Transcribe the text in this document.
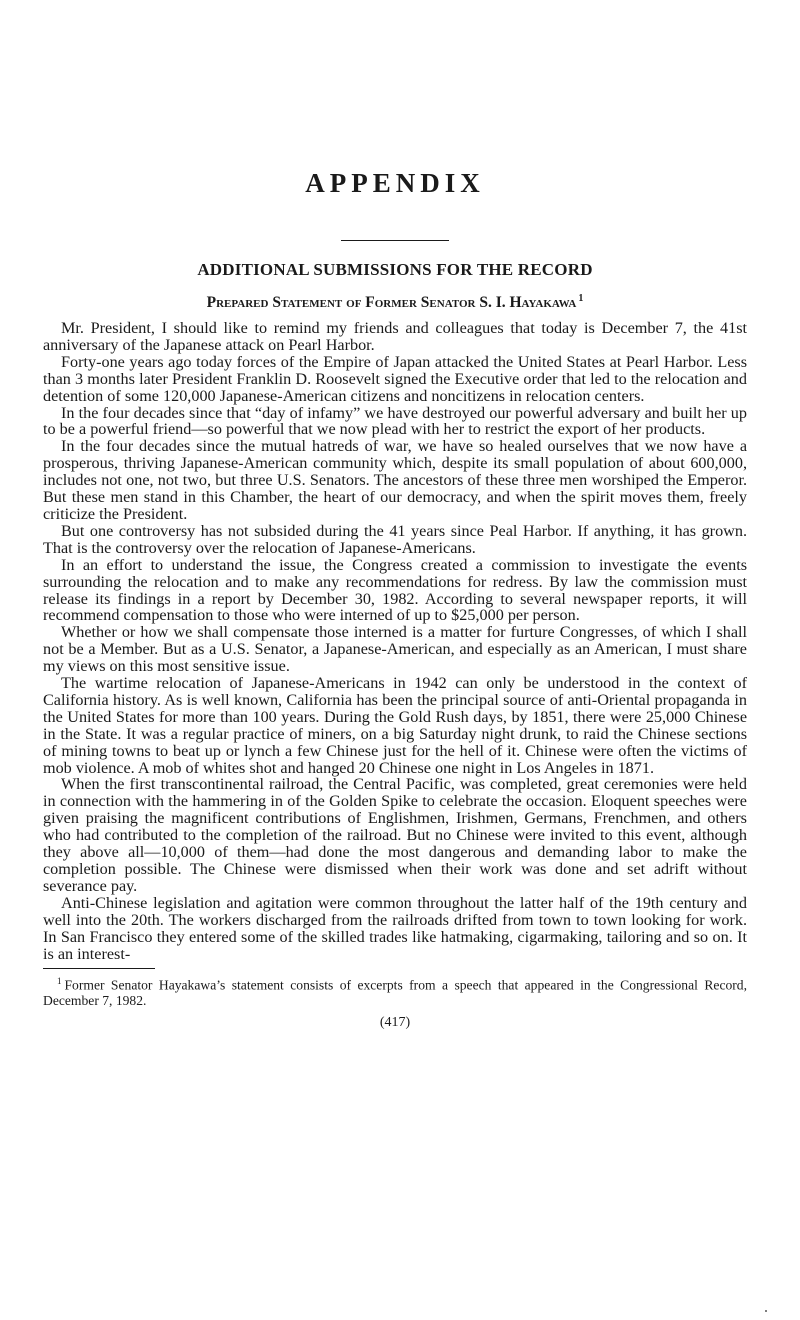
APPENDIX
ADDITIONAL SUBMISSIONS FOR THE RECORD
Prepared Statement of Former Senator S. I. Hayakawa $^1$

Mr. President, I should like to remind my friends and colleagues that today is December 7, the 41st anniversary of the Japanese attack on Pearl Harbor.

Forty-one years ago today forces of the Empire of Japan attacked the United States at Pearl Harbor. Less than 3 months later President Franklin D. Roosevelt signed the Executive order that led to the relocation and detention of some 120,000 Japanese-American citizens and noncitizens in relocation centers.

In the four decades since that “day of infamy” we have destroyed our powerful adversary and built her up to be a powerful friend—so powerful that we now plead with her to restrict the export of her products.

In the four decades since the mutual hatreds of war, we have so healed ourselves that we now have a prosperous, thriving Japanese-American community which, despite its small population of about 600,000, includes not one, not two, but three U.S. Senators. The ancestors of these three men worshiped the Emperor. But these men stand in this Chamber, the heart of our democracy, and when the spirit moves them, freely criticize the President.

But one controversy has not subsided during the 41 years since Peal Harbor. If anything, it has grown. That is the controversy over the relocation of Japanese-Americans.

In an effort to understand the issue, the Congress created a commission to investigate the events surrounding the relocation and to make any recommendations for redress. By law the commission must release its findings in a report by December 30, 1982. According to several newspaper reports, it will recommend compensation to those who were interned of up to $25,000 per person.

Whether or how we shall compensate those interned is a matter for furture Congresses, of which I shall not be a Member. But as a U.S. Senator, a Japanese-American, and especially as an American, I must share my views on this most sensitive issue.

The wartime relocation of Japanese-Americans in 1942 can only be understood in the context of California history. As is well known, California has been the principal source of anti-Oriental propaganda in the United States for more than 100 years. During the Gold Rush days, by 1851, there were 25,000 Chinese in the State. It was a regular practice of miners, on a big Saturday night drunk, to raid the Chinese sections of mining towns to beat up or lynch a few Chinese just for the hell of it. Chinese were often the victims of mob violence. A mob of whites shot and hanged 20 Chinese one night in Los Angeles in 1871.

When the first transcontinental railroad, the Central Pacific, was completed, great ceremonies were held in connection with the hammering in of the Golden Spike to celebrate the occasion. Eloquent speeches were given praising the magnificent contributions of Englishmen, Irishmen, Germans, Frenchmen, and others who had contributed to the completion of the railroad. But no Chinese were invited to this event, although they above all—10,000 of them—had done the most dangerous and demanding labor to make the completion possible. The Chinese were dismissed when their work was done and set adrift without severance pay.

Anti-Chinese legislation and agitation were common throughout the latter half of the 19th century and well into the 20th. The workers discharged from the railroads drifted from town to town looking for work. In San Francisco they entered some of the skilled trades like hatmaking, cigarmaking, tailoring and so on. It is an interest-

$^1$ Former Senator Hayakawa’s statement consists of excerpts from a speech that appeared in the Congressional Record, December 7, 1982.

(417)
